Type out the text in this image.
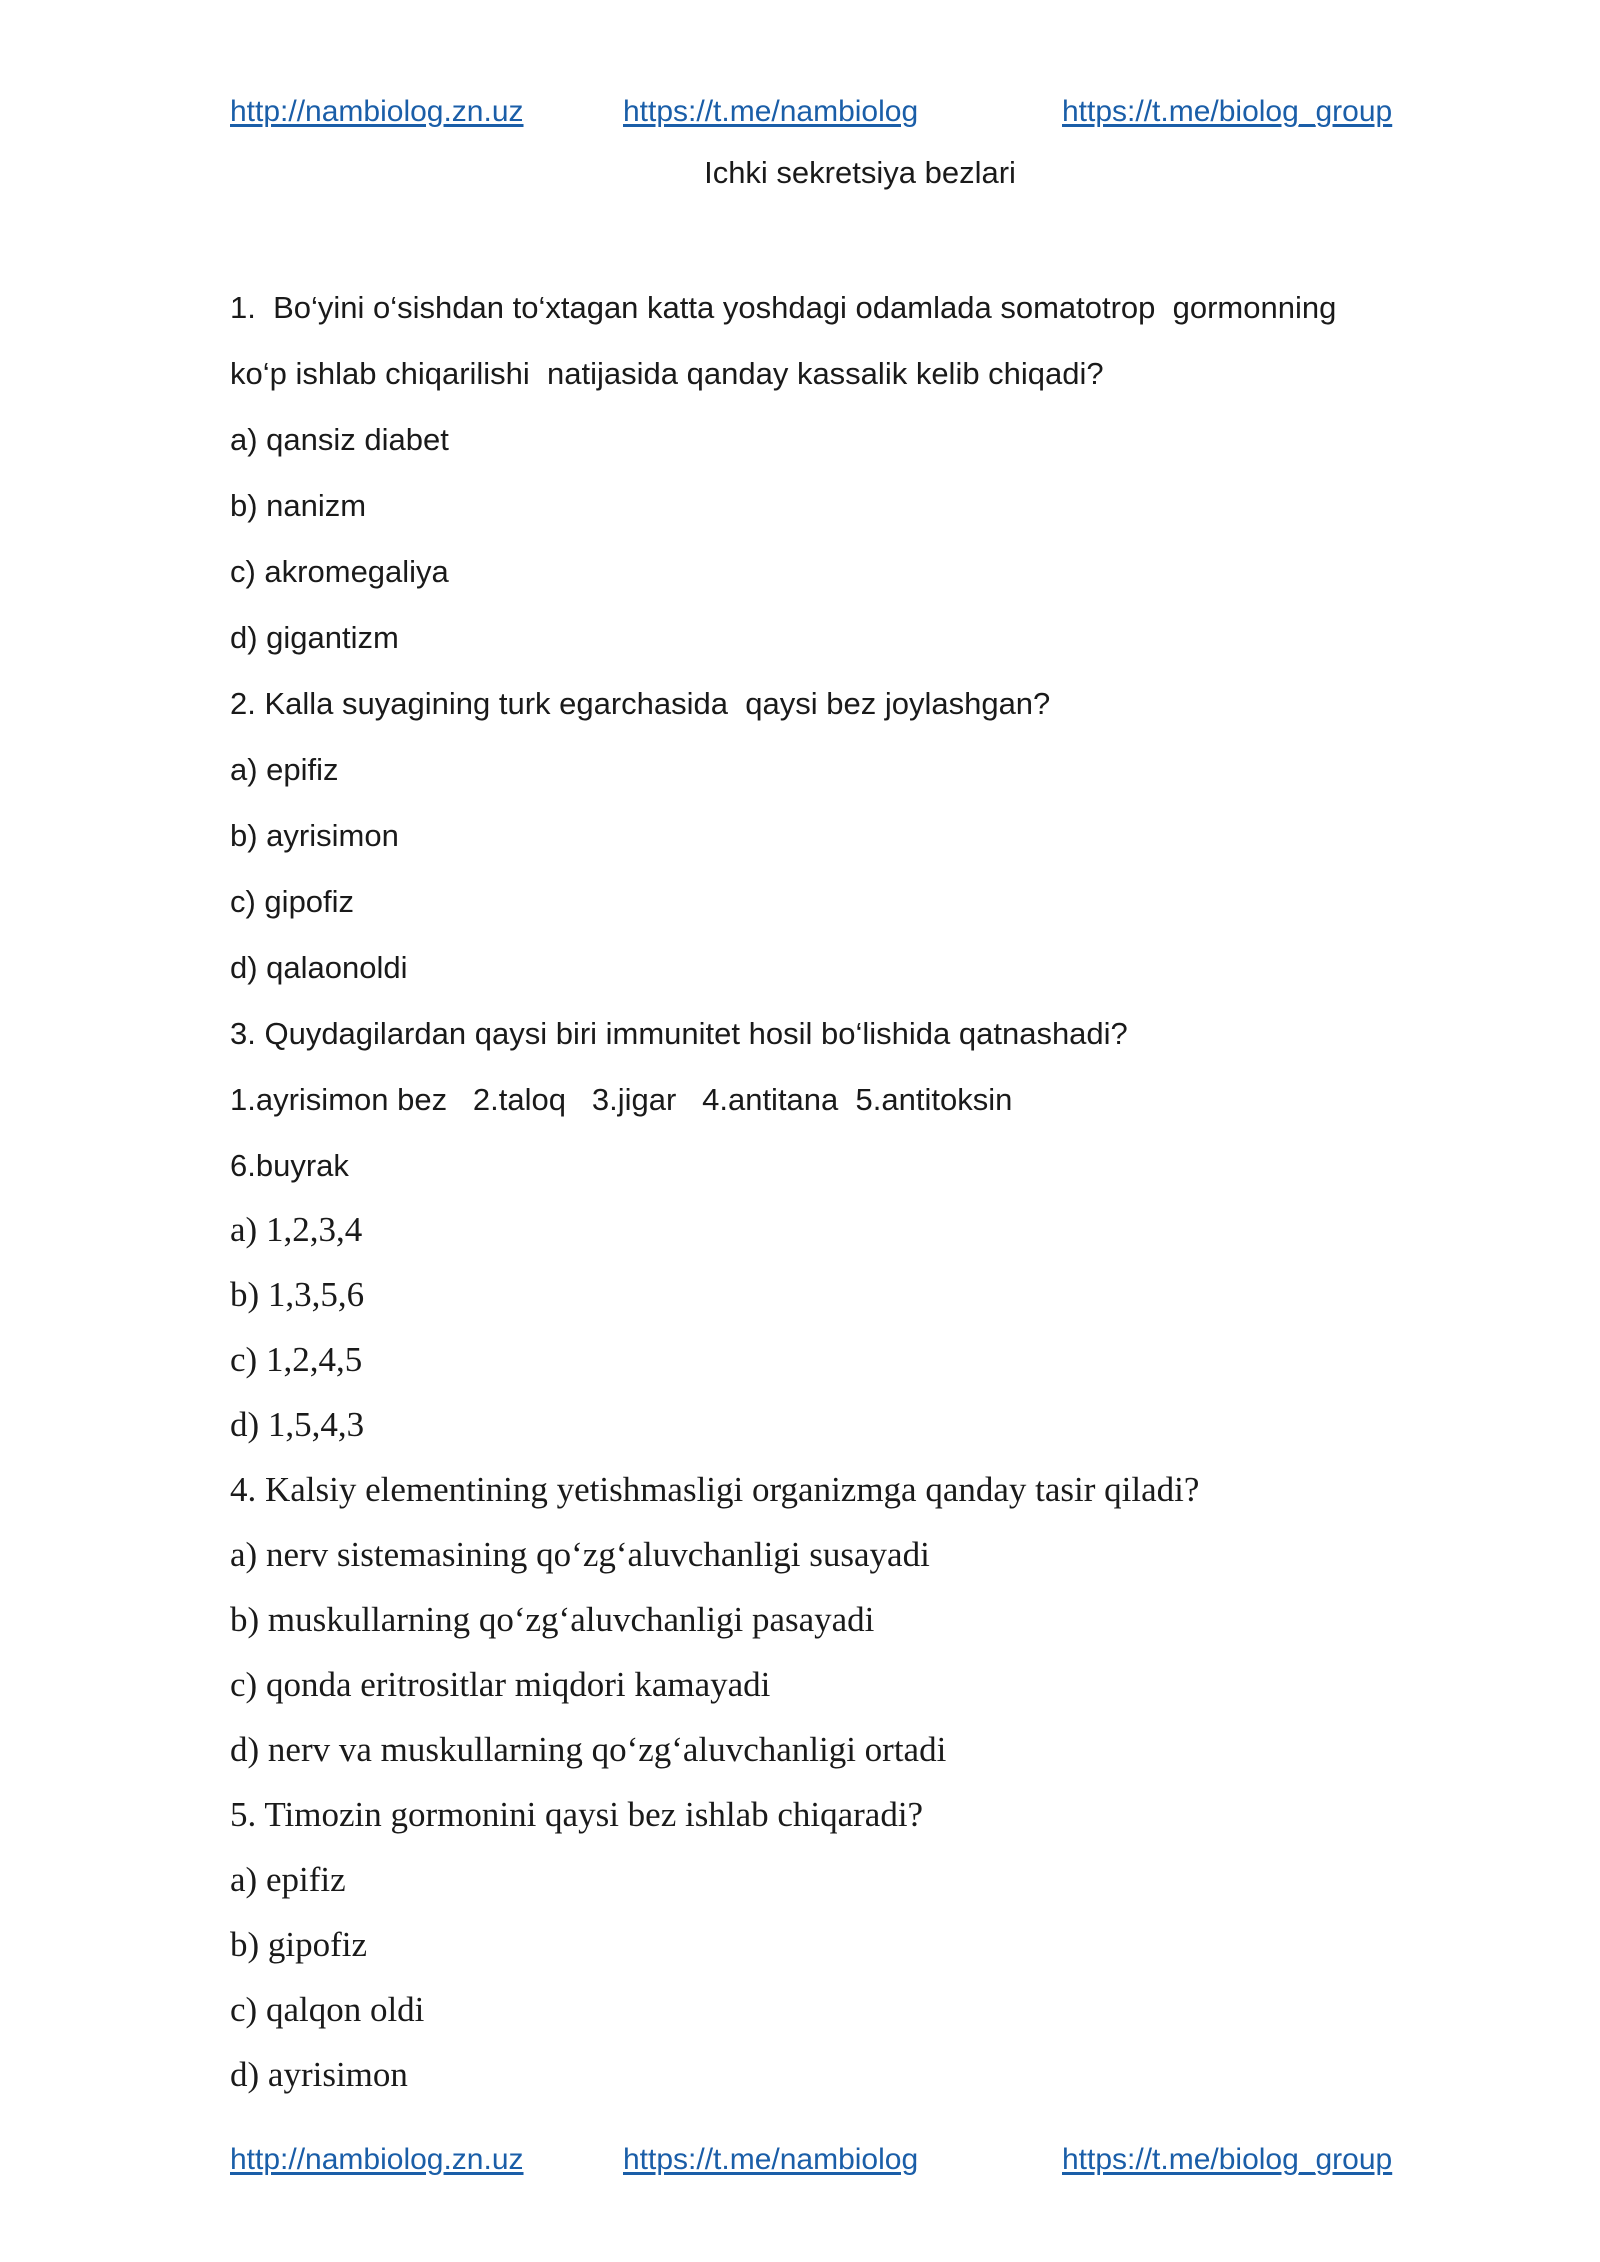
http://nambiolog.zn.uz	https://t.me/nambiolog	https://t.me/biolog_group
Ichki sekretsiya bezlari
1.  Bo‘yini o‘sishdan to‘xtagan katta yoshdagi odamlada somatotrop  gormonning
ko‘p ishlab chiqarilishi  natijasida qanday kassalik kelib chiqadi?
a) qansiz diabet
b) nanizm
c) akromegaliya
d) gigantizm
2. Kalla suyagining turk egarchasida  qaysi bez joylashgan?
a) epifiz
b) ayrisimon
c) gipofiz
d) qalaonoldi
3. Quydagilardan qaysi biri immunitet hosil bo‘lishida qatnashadi?
1.ayrisimon bez   2.taloq   3.jigar   4.antitana  5.antitoksin
6.buyrak
a) 1,2,3,4
b) 1,3,5,6
c) 1,2,4,5
d) 1,5,4,3
4. Kalsiy elementining yetishmasligi organizmga qanday tasir qiladi?
a) nerv sistemasining qo‘zg‘aluvchanligi susayadi
b) muskullarning qo‘zg‘aluvchanligi pasayadi
c) qonda eritrositlar miqdori kamayadi
d) nerv va muskullarning qo‘zg‘aluvchanligi ortadi
5. Timozin gormonini qaysi bez ishlab chiqaradi?
a) epifiz
b) gipofiz
c) qalqon oldi
d) ayrisimon
http://nambiolog.zn.uz	https://t.me/nambiolog	https://t.me/biolog_group
